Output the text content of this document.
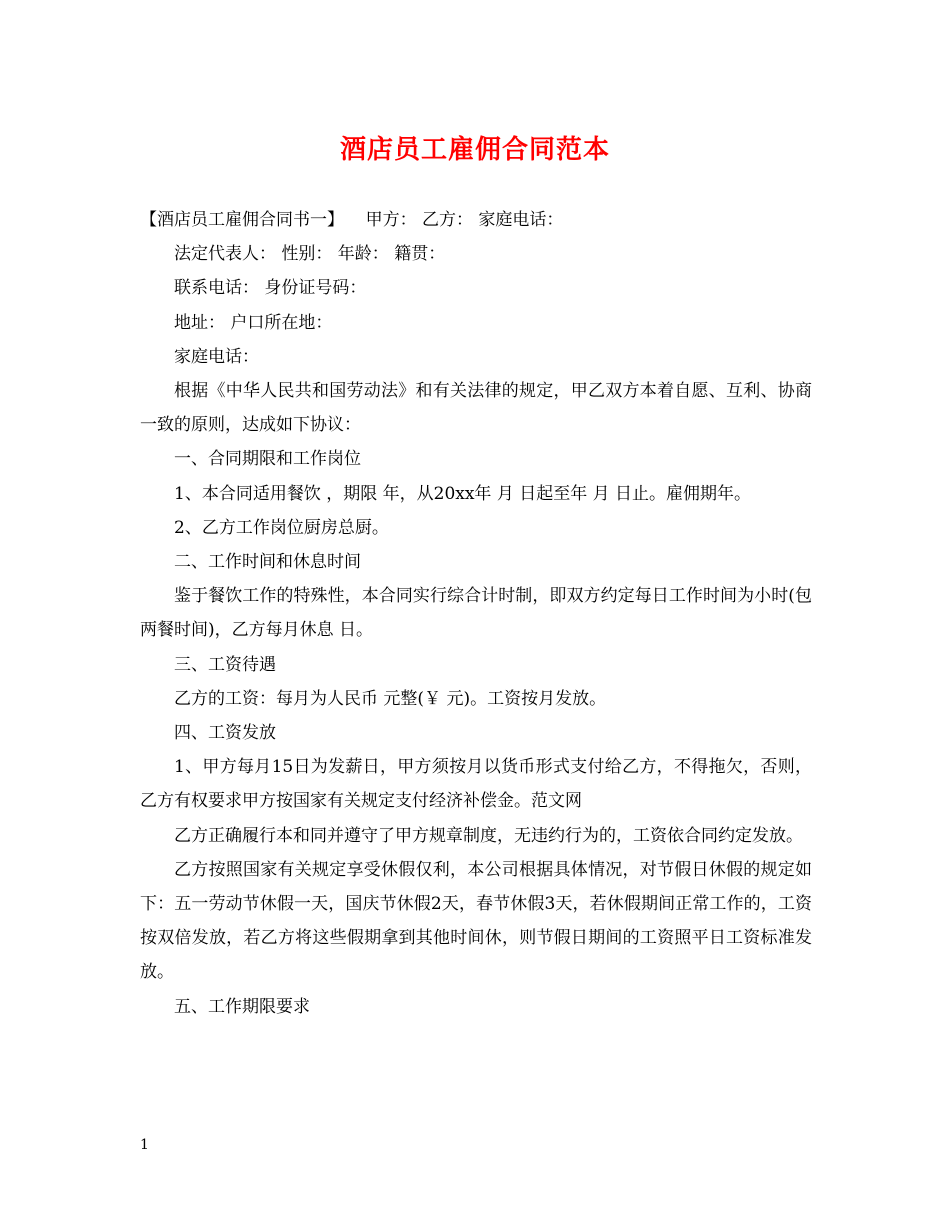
酒店员工雇佣合同范本

【酒店员工雇佣合同书一】    甲方： 乙方： 家庭电话：

法定代表人： 性别： 年龄： 籍贯：

联系电话： 身份证号码：

地址： 户口所在地：

家庭电话：

根据《中华人民共和国劳动法》和有关法律的规定，甲乙双方本着自愿、互利、协商一致的原则，达成如下协议：

一、合同期限和工作岗位

1、本合同适用餐饮 ，期限 年，从20xx年 月 日起至年 月 日止。雇佣期年。

2、乙方工作岗位厨房总厨。

二、工作时间和休息时间

鉴于餐饮工作的特殊性，本合同实行综合计时制，即双方约定每日工作时间为小时(包两餐时间)，乙方每月休息 日。

三、工资待遇

乙方的工资：每月为人民币 元整(￥ 元)。工资按月发放。

四、工资发放

1、甲方每月15日为发薪日，甲方须按月以货币形式支付给乙方，不得拖欠，否则，乙方有权要求甲方按国家有关规定支付经济补偿金。范文网

乙方正确履行本和同并遵守了甲方规章制度，无违约行为的，工资依合同约定发放。

乙方按照国家有关规定享受休假仅利，本公司根据具体情况，对节假日休假的规定如下：五一劳动节休假一天，国庆节休假2天，春节休假3天，若休假期间正常工作的，工资按双倍发放，若乙方将这些假期拿到其他时间休，则节假日期间的工资照平日工资标准发放。

五、工作期限要求

1
